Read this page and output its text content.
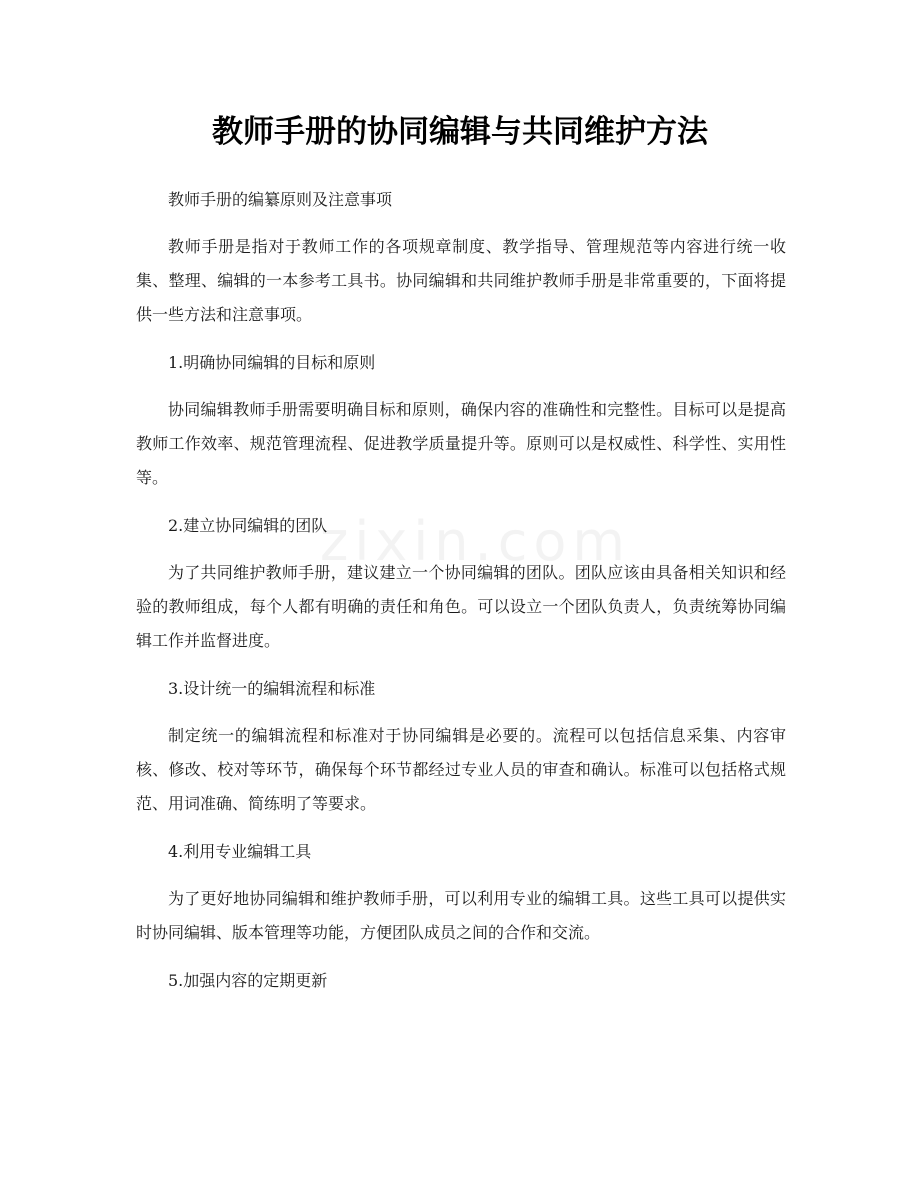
教师手册的协同编辑与共同维护方法
zixin.com

教师手册的编纂原则及注意事项

教师手册是指对于教师工作的各项规章制度、教学指导、管理规范等内容进行统一收集、整理、编辑的一本参考工具书。协同编辑和共同维护教师手册是非常重要的，下面将提供一些方法和注意事项。

1.明确协同编辑的目标和原则

协同编辑教师手册需要明确目标和原则，确保内容的准确性和完整性。目标可以是提高教师工作效率、规范管理流程、促进教学质量提升等。原则可以是权威性、科学性、实用性等。

2.建立协同编辑的团队

为了共同维护教师手册，建议建立一个协同编辑的团队。团队应该由具备相关知识和经验的教师组成，每个人都有明确的责任和角色。可以设立一个团队负责人，负责统筹协同编辑工作并监督进度。

3.设计统一的编辑流程和标准

制定统一的编辑流程和标准对于协同编辑是必要的。流程可以包括信息采集、内容审核、修改、校对等环节，确保每个环节都经过专业人员的审查和确认。标准可以包括格式规范、用词准确、简练明了等要求。

4.利用专业编辑工具

为了更好地协同编辑和维护教师手册，可以利用专业的编辑工具。这些工具可以提供实时协同编辑、版本管理等功能，方便团队成员之间的合作和交流。

5.加强内容的定期更新
